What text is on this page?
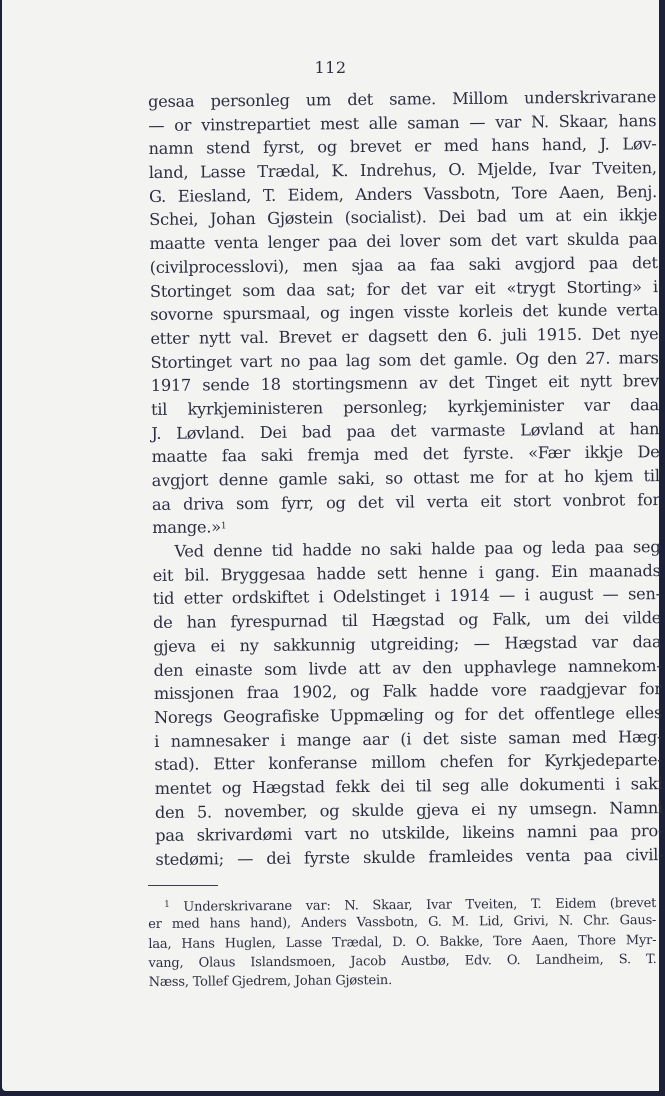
112
gesaa personleg um det same. Millom underskrivarane
— or vinstrepartiet mest alle saman — var N. Skaar, hans
namn stend fyrst, og brevet er med hans hand, J. Løv-
land, Lasse Trædal, K. Indrehus, O. Mjelde, Ivar Tveiten,
G. Eiesland, T. Eidem, Anders Vassbotn, Tore Aaen, Benj.
Schei, Johan Gjøstein (socialist). Dei bad um at ein ikkje
maatte venta lenger paa dei lover som det vart skulda paa
(civilprocesslovi), men sjaa aa faa saki avgjord paa det
Stortinget som daa sat; for det var eit «trygt Storting» i
sovorne spursmaal, og ingen visste korleis det kunde verta
etter nytt val. Brevet er dagsett den 6. juli 1915. Det nye
Stortinget vart no paa lag som det gamle. Og den 27. mars
1917 sende 18 stortingsmenn av det Tinget eit nytt brev
til kyrkjeministeren personleg; kyrkjeminister var daa
J. Løvland. Dei bad paa det varmaste Løvland at han
maatte faa saki fremja med det fyrste. «Fær ikkje De
avgjort denne gamle saki, so ottast me for at ho kjem til
aa driva som fyrr, og det vil verta eit stort vonbrot for
mange.»$^1$
Ved denne tid hadde no saki halde paa og leda paa seg
eit bil. Bryggesaa hadde sett henne i gang. Ein maanads
tid etter ordskiftet i Odelstinget i 1914 — i august — sen-
de han fyrespurnad til Hægstad og Falk, um dei vilde
gjeva ei ny sakkunnig utgreiding; — Hægstad var daa
den einaste som livde att av den upphavlege namnekom-
missjonen fraa 1902, og Falk hadde vore raadgjevar for
Noregs Geografiske Uppmæling og for det offentlege elles
i namnesaker i mange aar (i det siste saman med Hæg-
stad). Etter konferanse millom chefen for Kyrkjedeparte-
mentet og Hægstad fekk dei til seg alle dokumenti i saki
den 5. november, og skulde gjeva ei ny umsegn. Namni
paa skrivardømi vart no utskilde, likeins namni paa pro-
stedømi; — dei fyrste skulde framleides venta paa civil-
$^1$ Underskrivarane var: N. Skaar, Ivar Tveiten, T. Eidem (brevet
er med hans hand), Anders Vassbotn, G. M. Lid, Grivi, N. Chr. Gaus-
laa, Hans Huglen, Lasse Trædal, D. O. Bakke, Tore Aaen, Thore Myr-
vang, Olaus Islandsmoen, Jacob Austbø, Edv. O. Landheim, S. T.
Næss, Tollef Gjedrem, Johan Gjøstein.
